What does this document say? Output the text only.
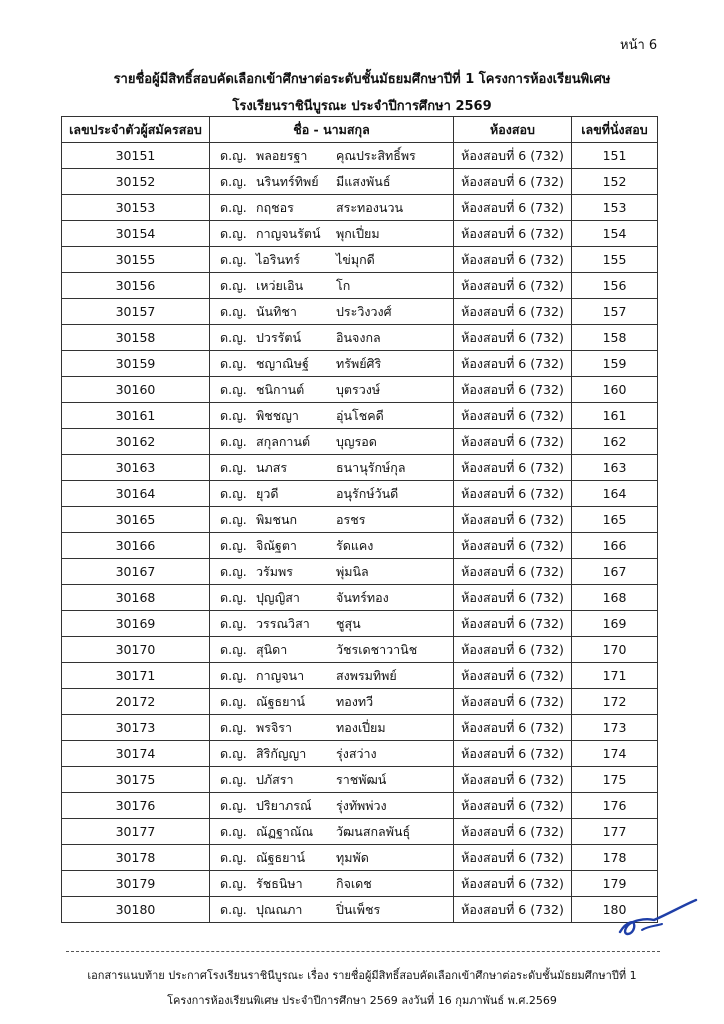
หน้า 6
รายชื่อผู้มีสิทธิ์สอบคัดเลือกเข้าศึกษาต่อระดับชั้นมัธยมศึกษาปีที่ 1 โครงการห้องเรียนพิเศษ
โรงเรียนราชินีบูรณะ ประจำปีการศึกษา 2569
เลขประจำตัวผู้สมัครสอบ	ชื่อ - นามสกุล	ห้องสอบ	เลขที่นั่งสอบ
30151	ด.ญ. พลอยรฐา คุณประสิทธิ์พร	ห้องสอบที่ 6 (732)	151
30152	ด.ญ. นรินทร์ทิพย์ มีแสงพันธ์	ห้องสอบที่ 6 (732)	152
30153	ด.ญ. กฤชอร สระทองนวน	ห้องสอบที่ 6 (732)	153
30154	ด.ญ. กาญจนรัตน์ พุกเปี่ยม	ห้องสอบที่ 6 (732)	154
30155	ด.ญ. ไอรินทร์ ไข่มุกดี	ห้องสอบที่ 6 (732)	155
30156	ด.ญ. เหว่ยเอิน โก	ห้องสอบที่ 6 (732)	156
30157	ด.ญ. นันทิชา ประวิงวงศ์	ห้องสอบที่ 6 (732)	157
30158	ด.ญ. ปวรรัตน์ อินจงกล	ห้องสอบที่ 6 (732)	158
30159	ด.ญ. ชญาณิษฐ์ ทรัพย์ศิริ	ห้องสอบที่ 6 (732)	159
30160	ด.ญ. ชนิกานต์ บุตรวงษ์	ห้องสอบที่ 6 (732)	160
30161	ด.ญ. พิชชญา อุ่นโชคดี	ห้องสอบที่ 6 (732)	161
30162	ด.ญ. สกุลกานต์ บุญรอด	ห้องสอบที่ 6 (732)	162
30163	ด.ญ. นภสร ธนานุรักษ์กุล	ห้องสอบที่ 6 (732)	163
30164	ด.ญ. ยุวดี อนุรักษ์วันดี	ห้องสอบที่ 6 (732)	164
30165	ด.ญ. พิมชนก อรชร	ห้องสอบที่ 6 (732)	165
30166	ด.ญ. จิณัฐตา รัดแคง	ห้องสอบที่ 6 (732)	166
30167	ด.ญ. วรัมพร พุ่มนิล	ห้องสอบที่ 6 (732)	167
30168	ด.ญ. ปุญญิสา จันทร์ทอง	ห้องสอบที่ 6 (732)	168
30169	ด.ญ. วรรณวิสา ชูสุน	ห้องสอบที่ 6 (732)	169
30170	ด.ญ. สุนิดา วัชรเดชาวานิช	ห้องสอบที่ 6 (732)	170
30171	ด.ญ. กาญจนา สงพรมทิพย์	ห้องสอบที่ 6 (732)	171
20172	ด.ญ. ณัฐธยาน์ ทองทวี	ห้องสอบที่ 6 (732)	172
30173	ด.ญ. พรจิรา ทองเปี่ยม	ห้องสอบที่ 6 (732)	173
30174	ด.ญ. สิริกัญญา รุ่งสว่าง	ห้องสอบที่ 6 (732)	174
30175	ด.ญ. ปภัสรา ราชพัฒน์	ห้องสอบที่ 6 (732)	175
30176	ด.ญ. ปริยาภรณ์ รุ่งทัพพ่วง	ห้องสอบที่ 6 (732)	176
30177	ด.ญ. ณัฏฐาณัณ วัฒนสกลพันธุ์	ห้องสอบที่ 6 (732)	177
30178	ด.ญ. ณัฐธยาน์ ทุมพัด	ห้องสอบที่ 6 (732)	178
30179	ด.ญ. รัชธนิษา กิจเดช	ห้องสอบที่ 6 (732)	179
30180	ด.ญ. ปุณณภา ปิ่นเพ็ชร	ห้องสอบที่ 6 (732)	180
เอกสารแนบท้าย ประกาศโรงเรียนราชินีบูรณะ เรื่อง รายชื่อผู้มีสิทธิ์สอบคัดเลือกเข้าศึกษาต่อระดับชั้นมัธยมศึกษาปีที่ 1
โครงการห้องเรียนพิเศษ ประจำปีการศึกษา 2569 ลงวันที่ 16 กุมภาพันธ์ พ.ศ.2569
